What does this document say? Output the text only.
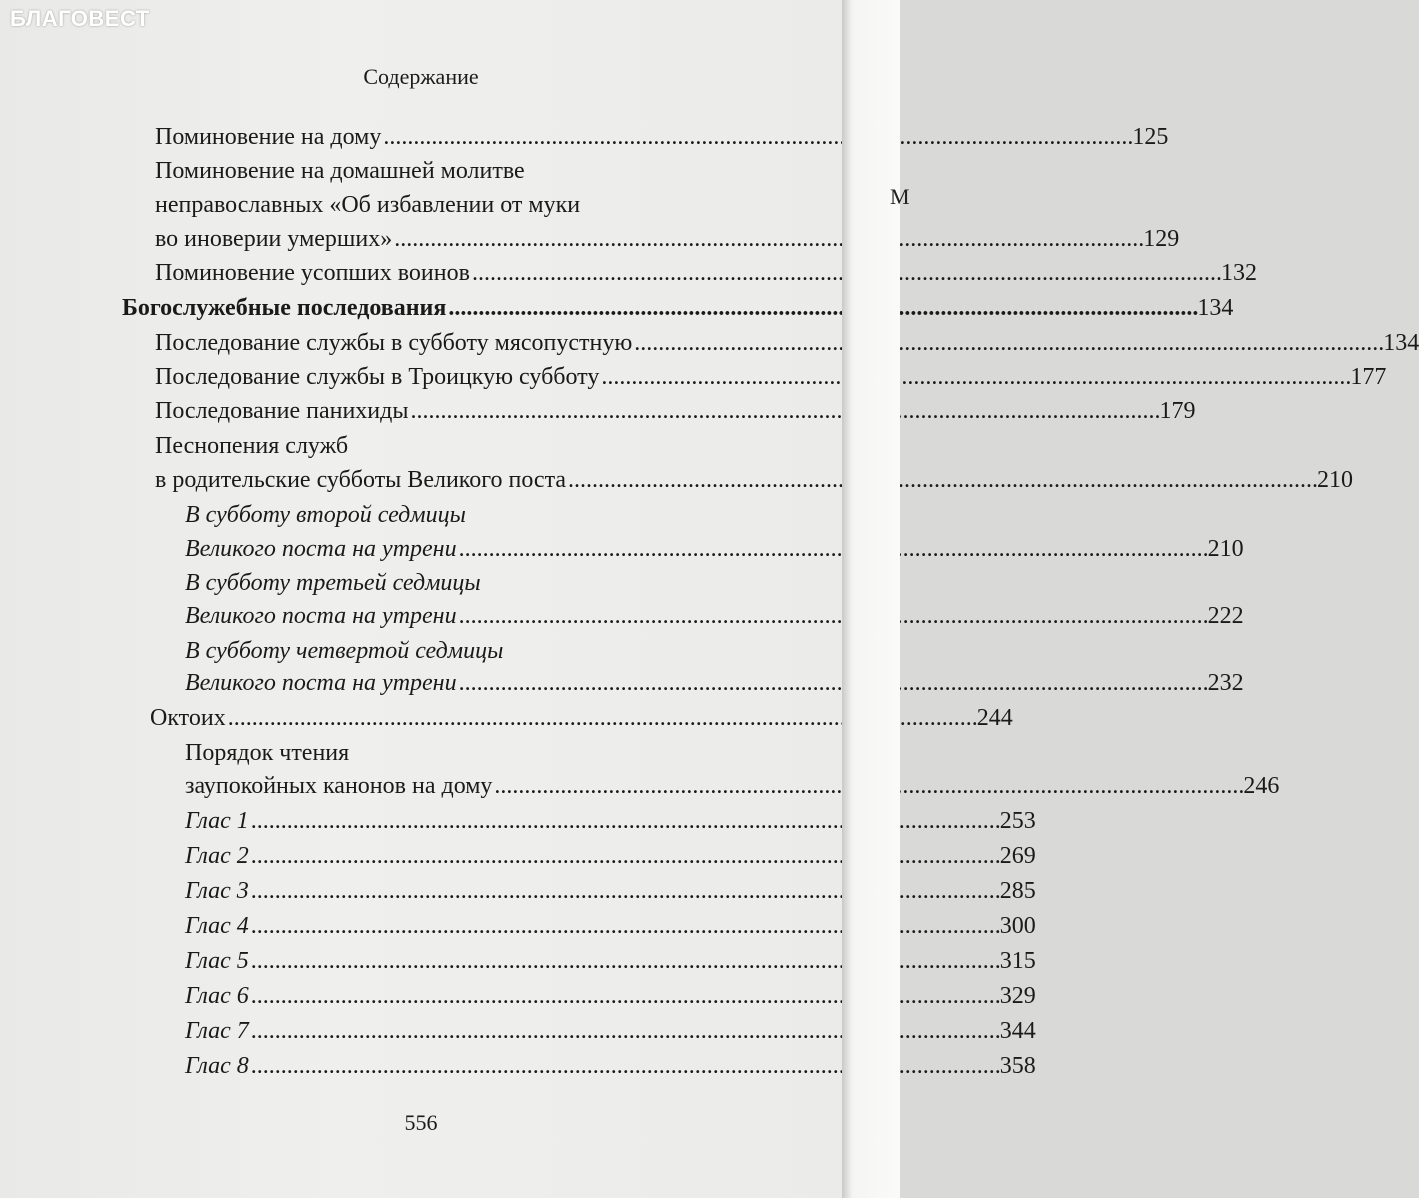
Содержание
Поминовение на дому . . .	125
Поминовение на домашней молитве
неправославных «Об избавлении от муки
во иноверии умерших» . . .	129
Поминовение усопших воинов . . .	132
Богослужебные последования . . .	134
Последование службы в субботу мясопустную . . .	134
Последование службы в Троицкую субботу . . .	177
Последование панихиды . . .	179
Песнопения служб
в родительские субботы Великого поста . . .	210
В субботу второй седмицы
Великого поста на утрени . . .	210
В субботу третьей седмицы
Великого поста на утрени . . .	222
В субботу четвертой седмицы
Великого поста на утрени . . .	232
Октоих . . .	244
Порядок чтения
заупокойных канонов на дому . . .	246
Глас 1 . . .	253
Глас 2 . . .	269
Глас 3 . . .	285
Глас 4 . . .	300
Глас 5 . . .	315
Глас 6 . . .	329
Глас 7 . . .	344
Глас 8 . . .	358
556
М
БЛАГОВЕСТ
